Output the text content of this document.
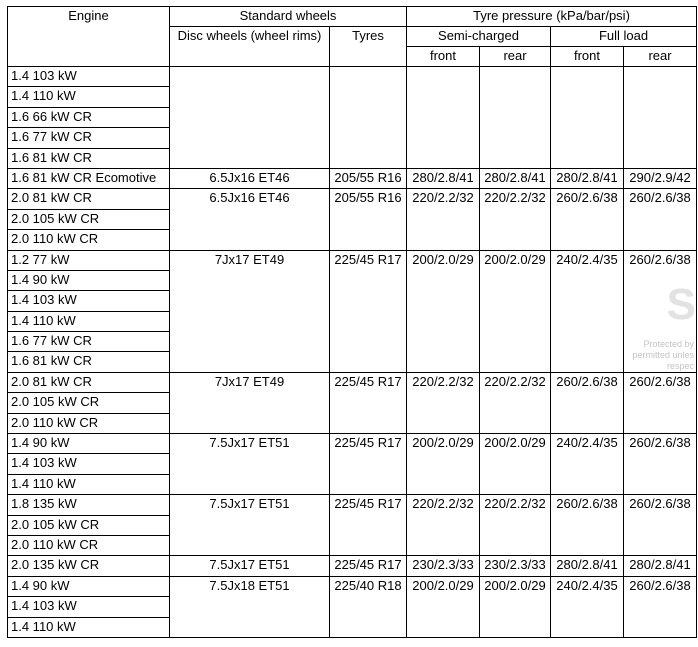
Engine	Standard wheels		Tyre pressure (kPa/bar/psi)			
	Disc wheels (wheel rims)	Tyres	Semi-charged		Full load	
			front	rear	front	rear
1.4 103 kW						
1.4 110 kW						
1.6 66 kW CR						
1.6 77 kW CR						
1.6 81 kW CR						
1.6 81 kW CR Ecomotive	6.5Jx16 ET46	205/55 R16	280/2.8/41	280/2.8/41	280/2.8/41	290/2.9/42
2.0 81 kW CR	6.5Jx16 ET46	205/55 R16	220/2.2/32	220/2.2/32	260/2.6/38	260/2.6/38
2.0 105 kW CR						
2.0 110 kW CR						
1.2 77 kW	7Jx17 ET49	225/45 R17	200/2.0/29	200/2.0/29	240/2.4/35	260/2.6/38
1.4 90 kW						
1.4 103 kW						
1.4 110 kW						
1.6 77 kW CR						
1.6 81 kW CR						
2.0 81 kW CR	7Jx17 ET49	225/45 R17	220/2.2/32	220/2.2/32	260/2.6/38	260/2.6/38
2.0 105 kW CR						
2.0 110 kW CR						
1.4 90 kW	7.5Jx17 ET51	225/45 R17	200/2.0/29	200/2.0/29	240/2.4/35	260/2.6/38
1.4 103 kW						
1.4 110 kW						
1.8 135 kW	7.5Jx17 ET51	225/45 R17	220/2.2/32	220/2.2/32	260/2.6/38	260/2.6/38
2.0 105 kW CR						
2.0 110 kW CR						
2.0 135 kW CR	7.5Jx17 ET51	225/45 R17	230/2.3/33	230/2.3/33	280/2.8/41	280/2.8/41
1.4 90 kW	7.5Jx18 ET51	225/40 R18	200/2.0/29	200/2.0/29	240/2.4/35	260/2.6/38
1.4 103 kW						
1.4 110 kW						
S
Protected by
permitted unles
respec
